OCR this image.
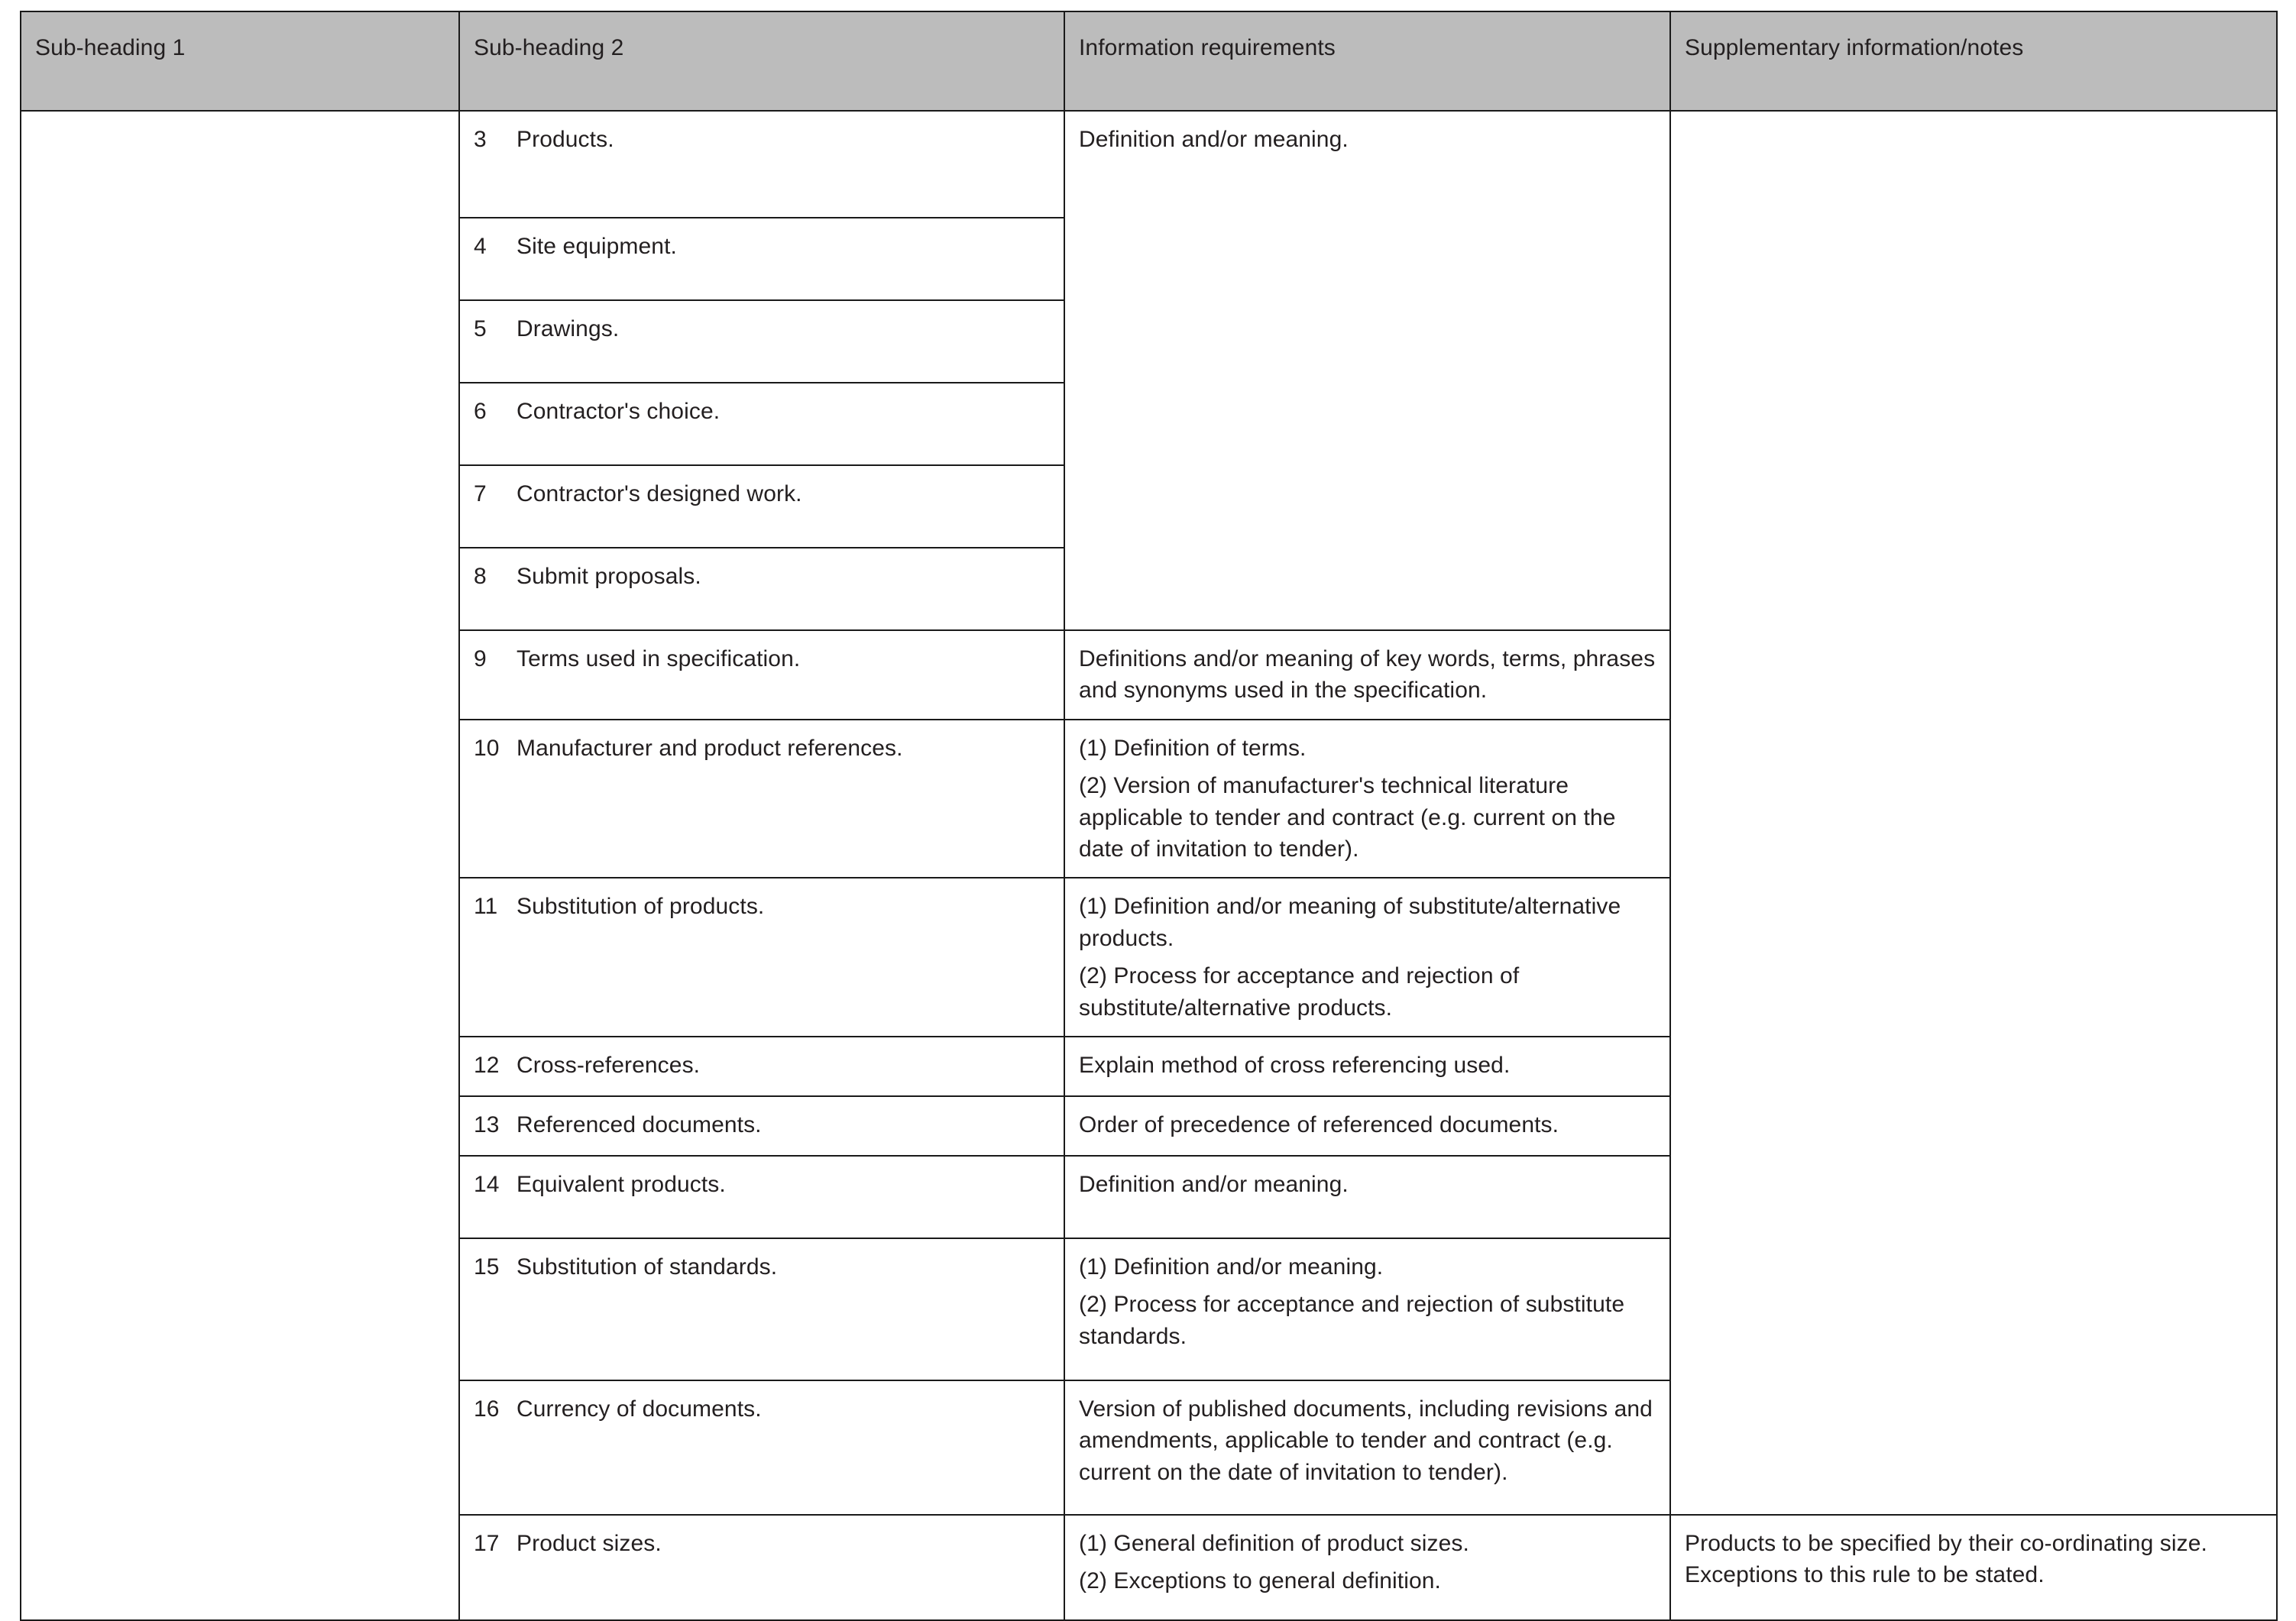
Sub-heading 1	Sub-heading 2	Information requirements	Supplementary information/notes

	3 Products.	Definition and/or meaning.	

	4 Site equipment.		

	5 Drawings.		

	6 Contractor's choice.		

	7 Contractor's designed work.		

	8 Submit proposals.		

	9 Terms used in specification.	Definitions and/or meaning of key words, terms, phrases and synonyms used in the specification.	

	10 Manufacturer and product references.	(1) Definition of terms.
(2) Version of manufacturer's technical literature applicable to tender and contract (e.g. current on the date of invitation to tender).	

	11 Substitution of products.	(1) Definition and/or meaning of substitute/alternative products.
(2) Process for acceptance and rejection of substitute/alternative products.	

	12 Cross-references.	Explain method of cross referencing used.	

	13 Referenced documents.	Order of precedence of referenced documents.	

	14 Equivalent products.	Definition and/or meaning.	

	15 Substitution of standards.	(1) Definition and/or meaning.
(2) Process for acceptance and rejection of substitute standards.	

	16 Currency of documents.	Version of published documents, including revisions and amendments, applicable to tender and contract (e.g. current on the date of invitation to tender).	

	17 Product sizes.	(1) General definition of product sizes.
(2) Exceptions to general definition.	Products to be specified by their co-ordinating size. Exceptions to this rule to be stated.
